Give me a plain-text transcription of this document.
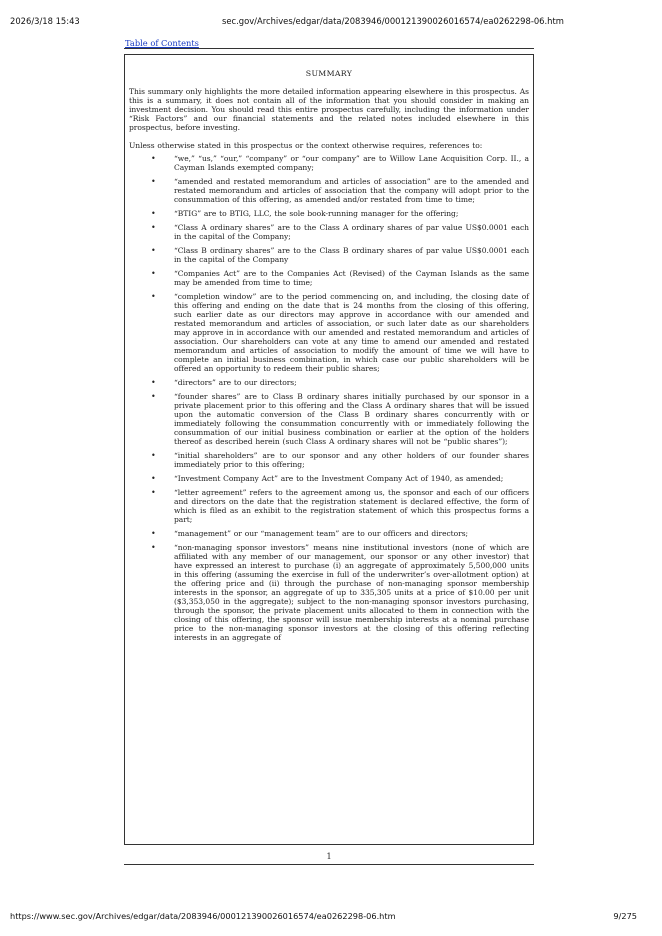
2026/3/18 15:43	sec.gov/Archives/edgar/data/2083946/000121390026016574/ea0262298-06.htm
Table of Contents
SUMMARY

This summary only highlights the more detailed information appearing elsewhere in this prospectus. As this is a summary, it does not contain all of the information that you should consider in making an investment decision. You should read this entire prospectus carefully, including the information under “Risk Factors” and our financial statements and the related notes included elsewhere in this prospectus, before investing.

Unless otherwise stated in this prospectus or the context otherwise requires, references to:

• “we,” “us,” “our,” “company” or “our company” are to Willow Lane Acquisition Corp. II., a Cayman Islands exempted company;
• “amended and restated memorandum and articles of association” are to the amended and restated memorandum and articles of association that the company will adopt prior to the consummation of this offering, as amended and/or restated from time to time;
• “BTIG” are to BTIG, LLC, the sole book-running manager for the offering;
• “Class A ordinary shares” are to the Class A ordinary shares of par value US$0.0001 each in the capital of the Company;
• “Class B ordinary shares” are to the Class B ordinary shares of par value US$0.0001 each in the capital of the Company
• “Companies Act” are to the Companies Act (Revised) of the Cayman Islands as the same may be amended from time to time;
• “completion window” are to the period commencing on, and including, the closing date of this offering and ending on the date that is 24 months from the closing of this offering, such earlier date as our directors may approve in accordance with our amended and restated memorandum and articles of association, or such later date as our shareholders may approve in in accordance with our amended and restated memorandum and articles of association. Our shareholders can vote at any time to amend our amended and restated memorandum and articles of association to modify the amount of time we will have to complete an initial business combination, in which case our public shareholders will be offered an opportunity to redeem their public shares;
• “directors” are to our directors;
• “founder shares” are to Class B ordinary shares initially purchased by our sponsor in a private placement prior to this offering and the Class A ordinary shares that will be issued upon the automatic conversion of the Class B ordinary shares concurrently with or immediately following the consummation concurrently with or immediately following the consummation of our initial business combination or earlier at the option of the holders thereof as described herein (such Class A ordinary shares will not be “public shares”);
• “initial shareholders” are to our sponsor and any other holders of our founder shares immediately prior to this offering;
• “Investment Company Act” are to the Investment Company Act of 1940, as amended;
• “letter agreement” refers to the agreement among us, the sponsor and each of our officers and directors on the date that the registration statement is declared effective, the form of which is filed as an exhibit to the registration statement of which this prospectus forms a part;
• “management” or our “management team” are to our officers and directors;
• “non-managing sponsor investors” means nine institutional investors (none of which are affiliated with any member of our management, our sponsor or any other investor) that have expressed an interest to purchase (i) an aggregate of approximately 5,500,000 units in this offering (assuming the exercise in full of the underwriter’s over-allotment option) at the offering price and (ii) through the purchase of non-managing sponsor membership interests in the sponsor, an aggregate of up to 335,305 units at a price of $10.00 per unit ($3,353,050 in the aggregate); subject to the non-managing sponsor investors purchasing, through the sponsor, the private placement units allocated to them in connection with the closing of this offering, the sponsor will issue membership interests at a nominal purchase price to the non-managing sponsor investors at the closing of this offering reflecting interests in an aggregate of
1
https://www.sec.gov/Archives/edgar/data/2083946/000121390026016574/ea0262298-06.htm	9/275
